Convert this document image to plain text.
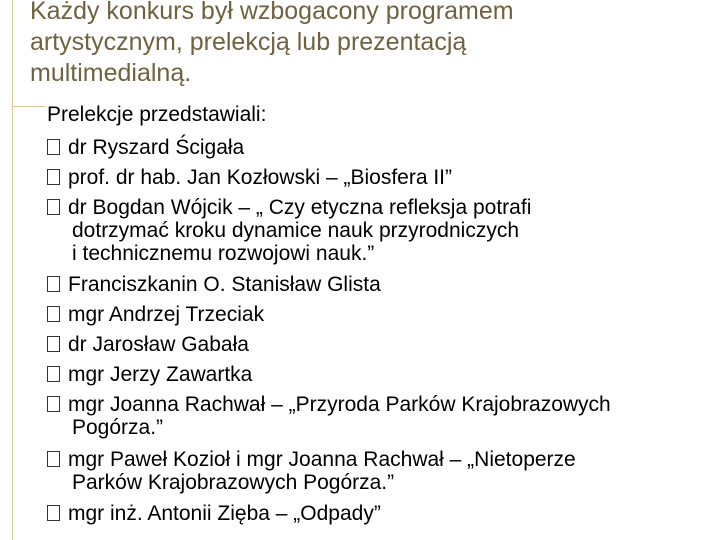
Każdy konkurs był wzbogacony programem artystycznym, prelekcją lub prezentacją multimedialną.

Prelekcje przedstawiali:

dr Ryszard Ścigała
prof. dr hab. Jan Kozłowski – „Biosfera II”
dr Bogdan Wójcik – „ Czy etyczna refleksja potrafi
dotrzymać kroku dynamice nauk przyrodniczych
i technicznemu rozwojowi nauk.”
Franciszkanin O. Stanisław Glista
mgr Andrzej Trzeciak
dr Jarosław Gabała
mgr Jerzy Zawartka
mgr Joanna Rachwał – „Przyroda Parków Krajobrazowych
Pogórza.”
mgr Paweł Kozioł i mgr Joanna Rachwał – „Nietoperze
Parków Krajobrazowych Pogórza.”
mgr inż. Antonii Zięba – „Odpady”
